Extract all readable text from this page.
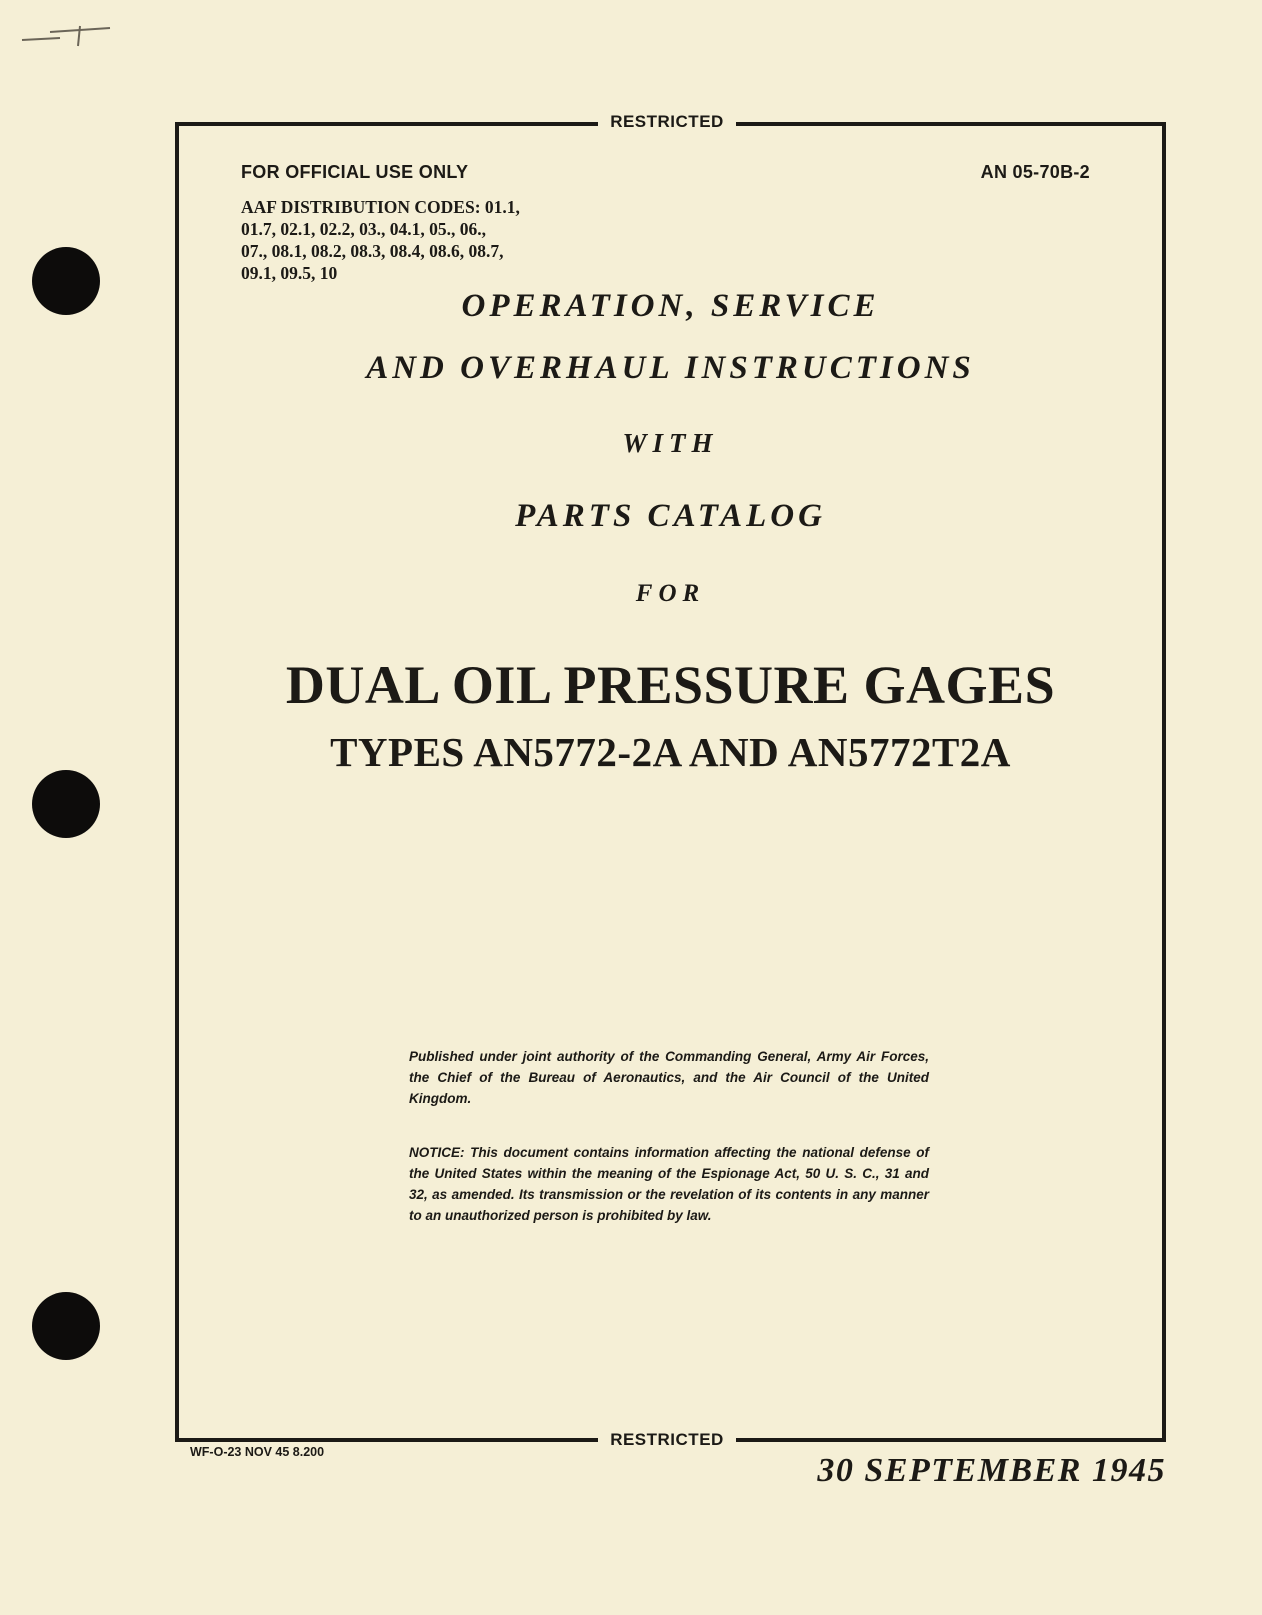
RESTRICTED
FOR OFFICIAL USE ONLY	AN 05-70B-2
AAF DISTRIBUTION CODES: 01.1,
01.7, 02.1, 02.2, 03., 04.1, 05., 06.,
07., 08.1, 08.2, 08.3, 08.4, 08.6, 08.7,
09.1, 09.5, 10
OPERATION, SERVICE
AND OVERHAUL INSTRUCTIONS
WITH
PARTS CATALOG
FOR
DUAL OIL PRESSURE GAGES
TYPES AN5772-2A AND AN5772T2A
Published under joint authority of the Commanding General, Army Air Forces, the Chief of the Bureau of Aeronautics, and the Air Council of the United Kingdom.
NOTICE: This document contains information affecting the national defense of the United States within the meaning of the Espionage Act, 50 U. S. C., 31 and 32, as amended. Its transmission or the revelation of its contents in any manner to an unauthorized person is prohibited by law.
RESTRICTED
WF-O-23 NOV 45 8.200	30 SEPTEMBER 1945
